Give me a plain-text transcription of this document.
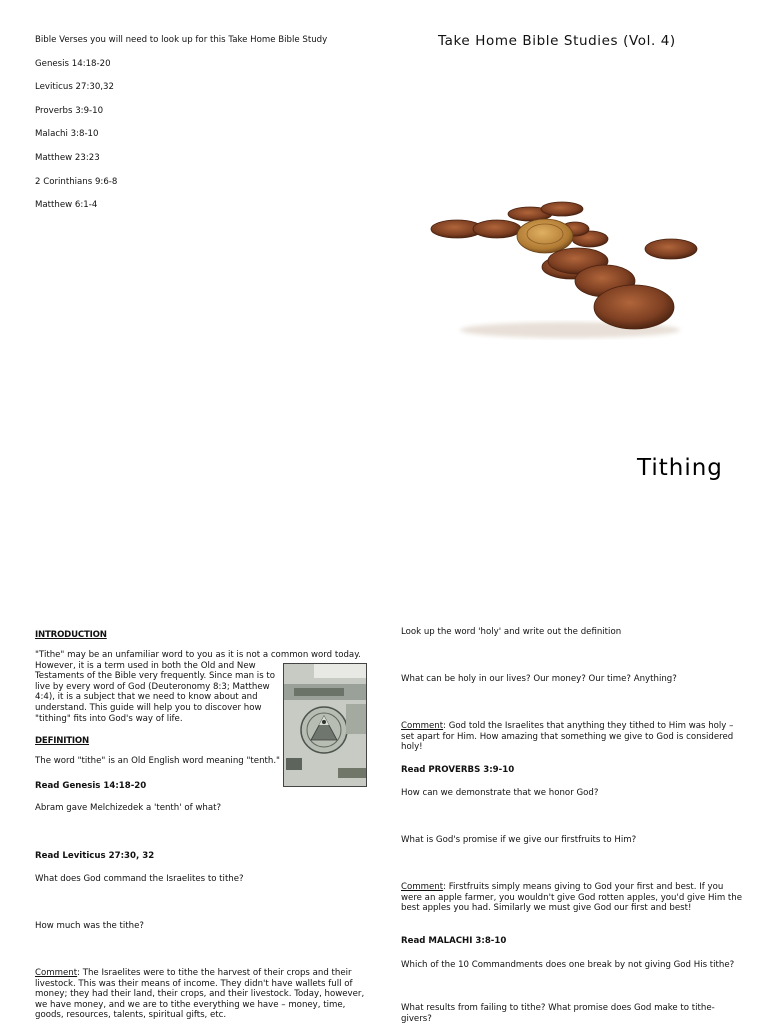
Bible Verses you will need to look up for this Take Home Bible Study
Genesis 14:18-20
Leviticus 27:30,32
Proverbs 3:9-10
Malachi 3:8-10
Matthew 23:23
2 Corinthians 9:6-8
Matthew 6:1-4
Take Home Bible Studies (Vol. 4)
Tithing
INTRODUCTION
"Tithe" may be an unfamiliar word to you as it is not a common word today.
However, it is a term used in both the Old and New
Testaments of the Bible very frequently. Since man is to
live by every word of God (Deuteronomy 8:3; Matthew
4:4), it is a subject that we need to know about and
understand. This guide will help you to discover how
"tithing" fits into God's way of life.
DEFINITION
The word "tithe" is an Old English word meaning "tenth."
Read Genesis 14:18-20
Abram gave Melchizedek a 'tenth' of what?
Read Leviticus 27:30, 32
What does God command the Israelites to tithe?
How much was the tithe?
Comment: The Israelites were to tithe the harvest of their crops and their
livestock. This was their means of income. They didn't have wallets full of
money; they had their land, their crops, and their livestock. Today, however,
we have money, and we are to tithe everything we have – money, time,
goods, resources, talents, spiritual gifts, etc.
Look up the word 'holy' and write out the definition
What can be holy in our lives? Our money? Our time? Anything?
Comment: God told the Israelites that anything they tithed to Him was holy –
set apart for Him. How amazing that something we give to God is considered
holy!
Read PROVERBS 3:9-10
How can we demonstrate that we honor God?
What is God's promise if we give our firstfruits to Him?
Comment: Firstfruits simply means giving to God your first and best. If you
were an apple farmer, you wouldn't give God rotten apples, you'd give Him the
best apples you had. Similarly we must give God our first and best!
Read MALACHI 3:8-10
Which of the 10 Commandments does one break by not giving God His tithe?
What results from failing to tithe? What promise does God make to tithe-
givers?
